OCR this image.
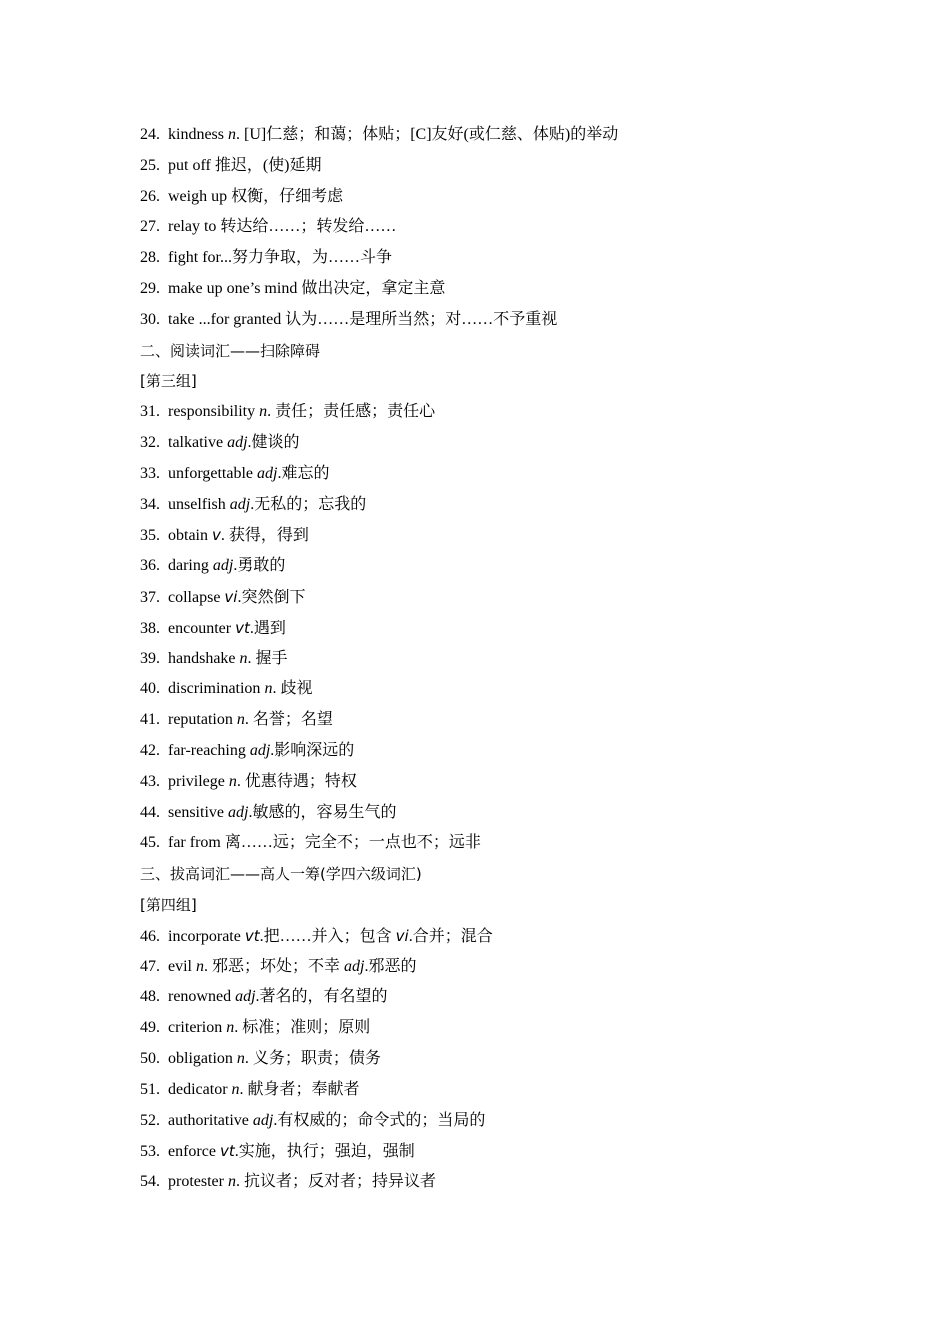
24.  kindness n. [U]仁慈；和蔼；体贴；[C]友好(或仁慈、体贴)的举动
25.  put off 推迟，(使)延期
26.  weigh up 权衡，仔细考虑
27.  relay to 转达给……；转发给……
28.  fight for...努力争取，为……斗争
29.  make up one’s mind 做出决定，拿定主意
30.  take ...for granted 认为……是理所当然；对……不予重视
二、阅读词汇——扫除障碍
[第三组]
31.  responsibility n. 责任；责任感；责任心
32.  talkative adj.健谈的
33.  unforgettable adj.难忘的
34.  unselfish adj.无私的；忘我的
35.  obtain v. 获得，得到
36.  daring adj.勇敢的
37.  collapse vi.突然倒下
38.  encounter vt.遇到
39.  handshake n. 握手
40.  discrimination n. 歧视
41.  reputation n. 名誉；名望
42.  far-reaching adj.影响深远的
43.  privilege n. 优惠待遇；特权
44.  sensitive adj.敏感的，容易生气的
45.  far from 离……远；完全不；一点也不；远非
三、拔高词汇——高人一筹(学四六级词汇)
[第四组]
46.  incorporate vt.把……并入；包含 vi.合并；混合
47.  evil n. 邪恶；坏处；不幸 adj.邪恶的
48.  renowned adj.著名的，有名望的
49.  criterion n. 标准；准则；原则
50.  obligation n. 义务；职责；债务
51.  dedicator n. 献身者；奉献者
52.  authoritative adj.有权威的；命令式的；当局的
53.  enforce vt.实施，执行；强迫，强制
54.  protester n. 抗议者；反对者；持异议者
